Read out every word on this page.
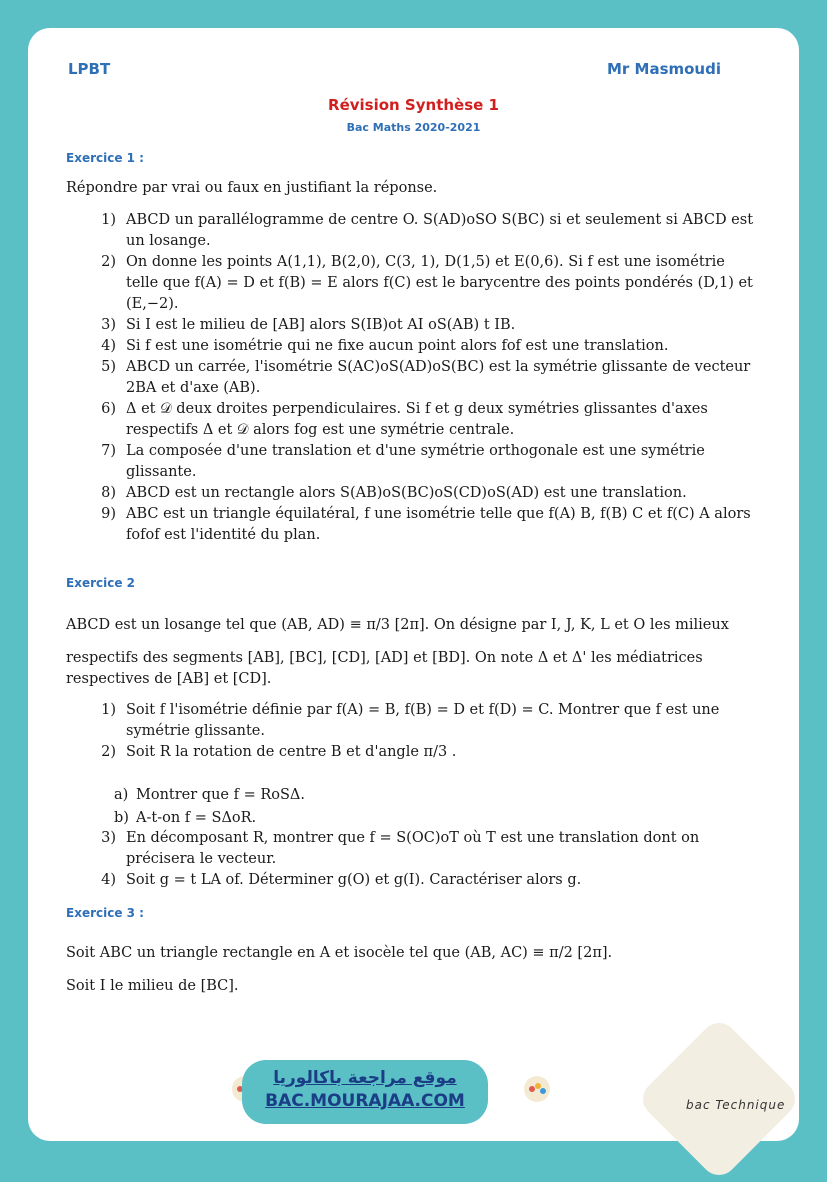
LPBT	Mr Masmoudi
Révision Synthèse 1
Bac Maths 2020-2021
Exercice 1 :
Répondre par vrai ou faux en justifiant la réponse.
1) ABCD un parallélogramme de centre O. S(AD)oSO S(BC) si et seulement si ABCD est un losange.
2) On donne les points A(1,1), B(2,0), C(3, 1), D(1,5) et E(0,6). Si f est une isométrie telle que f(A) = D et f(B) = E alors f(C) est le barycentre des points pondérés (D,1) et (E,−2).
3) Si I est le milieu de [AB] alors S(IB)ot AI oS(AB) t IB.
4) Si f est une isométrie qui ne fixe aucun point alors fof est une translation.
5) ABCD un carrée, l'isométrie S(AC)oS(AD)oS(BC) est la symétrie glissante de vecteur 2BA et d'axe (AB).
6) Δ et 𝒟 deux droites perpendiculaires. Si f et g deux symétries glissantes d'axes respectifs Δ et 𝒟 alors fog est une symétrie centrale.
7) La composée d'une translation et d'une symétrie orthogonale est une symétrie glissante.
8) ABCD est un rectangle alors S(AB)oS(BC)oS(CD)oS(AD) est une translation.
9) ABC est un triangle équilatéral, f une isométrie telle que f(A) B, f(B) C et f(C) A alors fofof est l'identité du plan.
Exercice 2
ABCD est un losange tel que (AB, AD) ≡ π/3 [2π]. On désigne par I, J, K, L et O les milieux
respectifs des segments [AB], [BC], [CD], [AD] et [BD]. On note Δ et Δ' les médiatrices respectives de [AB] et [CD].
1) Soit f l'isométrie définie par f(A) = B, f(B) = D et f(D) = C. Montrer que f est une symétrie glissante.
2) Soit R la rotation de centre B et d'angle π/3 .
a) Montrer que f = RoSΔ.
b) A-t-on f = SΔoR.
3) En décomposant R, montrer que f = S(OC)oT où T est une translation dont on précisera le vecteur.
4) Soit g = t LA of. Déterminer g(O) et g(I). Caractériser alors g.
Exercice 3 :
Soit ABC un triangle rectangle en A et isocèle tel que (AB, AC) ≡ π/2 [2π].
Soit I le milieu de [BC].
موقع مراجعة باكالوريا
BAC.MOURAJAA.COM	bac Technique
